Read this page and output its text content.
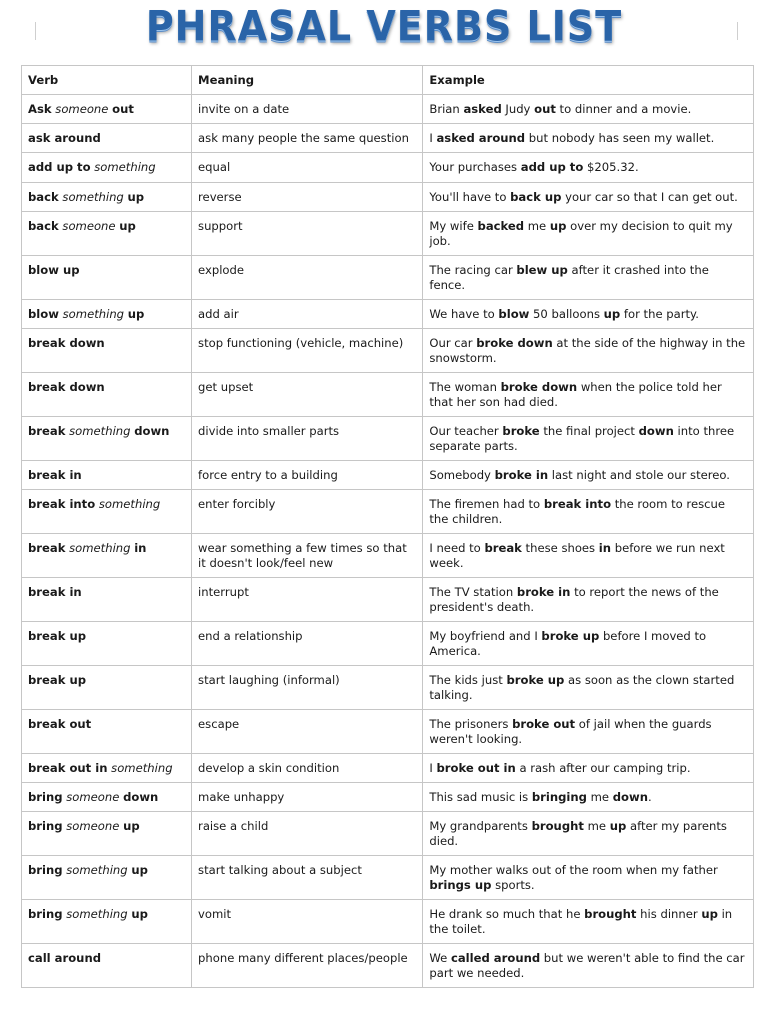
PHRASAL VERBS LIST
Verb	Meaning	Example
Ask someone out	invite on a date	Brian asked Judy out to dinner and a movie.
ask around	ask many people the same question	I asked around but nobody has seen my wallet.
add up to something	equal	Your purchases add up to $205.32.
back something up	reverse	You'll have to back up your car so that I can get out.
back someone up	support	My wife backed me up over my decision to quit my job.
blow up	explode	The racing car blew up after it crashed into the fence.
blow something up	add air	We have to blow 50 balloons up for the party.
break down	stop functioning (vehicle, machine)	Our car broke down at the side of the highway in the snowstorm.
break down	get upset	The woman broke down when the police told her that her son had died.
break something down	divide into smaller parts	Our teacher broke the final project down into three separate parts.
break in	force entry to a building	Somebody broke in last night and stole our stereo.
break into something	enter forcibly	The firemen had to break into the room to rescue the children.
break something in	wear something a few times so that it doesn't look/feel new	I need to break these shoes in before we run next week.
break in	interrupt	The TV station broke in to report the news of the president's death.
break up	end a relationship	My boyfriend and I broke up before I moved to America.
break up	start laughing (informal)	The kids just broke up as soon as the clown started talking.
break out	escape	The prisoners broke out of jail when the guards weren't looking.
break out in something	develop a skin condition	I broke out in a rash after our camping trip.
bring someone down	make unhappy	This sad music is bringing me down.
bring someone up	raise a child	My grandparents brought me up after my parents died.
bring something up	start talking about a subject	My mother walks out of the room when my father brings up sports.
bring something up	vomit	He drank so much that he brought his dinner up in the toilet.
call around	phone many different places/people	We called around but we weren't able to find the car part we needed.
